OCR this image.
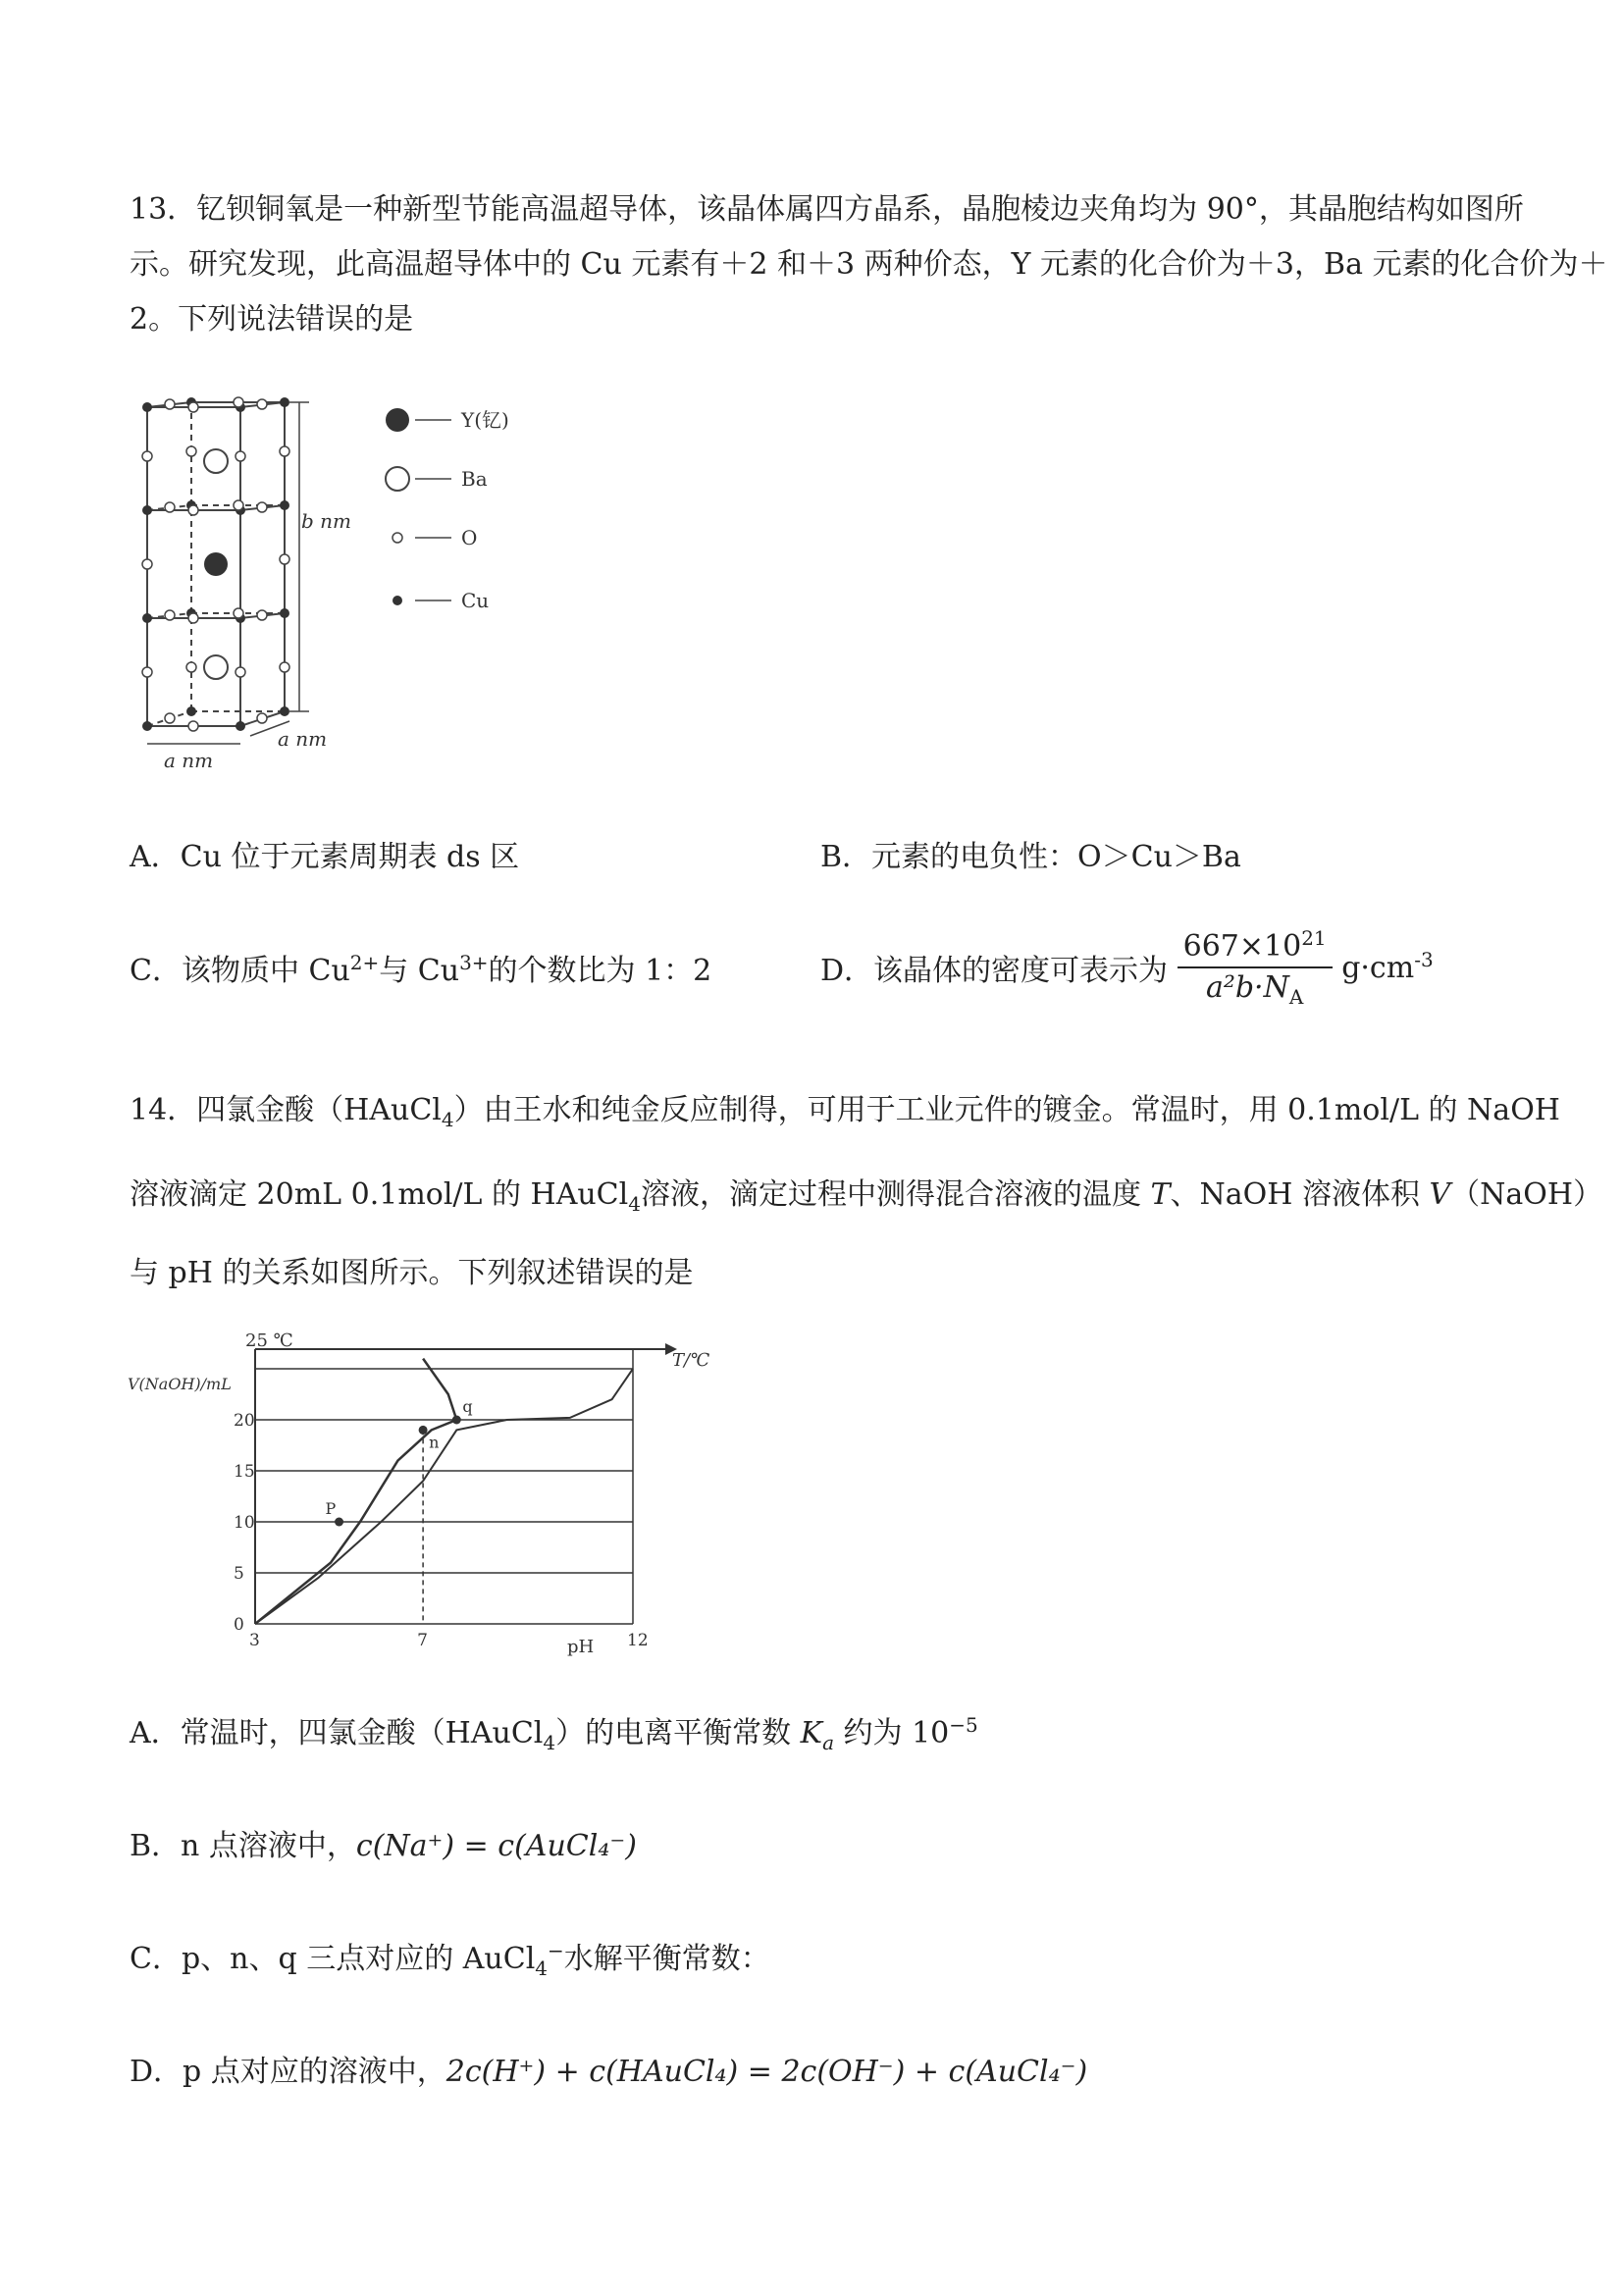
13．钇钡铜氧是一种新型节能高温超导体，该晶体属四方晶系，晶胞棱边夹角均为 90°，其晶胞结构如图所
示。研究发现，此高温超导体中的 Cu 元素有＋2 和＋3 两种价态，Y 元素的化合价为＋3，Ba 元素的化合价为＋
2。下列说法错误的是
b nm
a nm
a nm
Y(钇)
Ba
O
Cu
A．Cu 位于元素周期表 ds 区	B．元素的电负性：O＞Cu＞Ba
C．该物质中 $Cu^{2+}$与 $Cu^{3+}$的个数比为 1：2	D．该晶体的密度可表示为 $\frac{667\times 10^{21}}{a^2b\cdot N_A} g\cdot cm^{-3}$
14．四氯金酸（HAuCl$_4$）由王水和纯金反应制得，可用于工业元件的镀金。常温时，用 0.1mol/L 的 NaOH
溶液滴定 20mL 0.1mol/L 的 HAuCl$_4$溶液，滴定过程中测得混合溶液的温度 T、NaOH 溶液体积 V（NaOH）
与 pH 的关系如图所示。下列叙述错误的是
25 ℃
T/℃
V(NaOH)/mL
pH
0
5
10
15
20
3	7	12
P
n
q
A．常温时，四氯金酸（HAuCl$_4$）的电离平衡常数 $K_a$ 约为 $10^{-5}$
B．n 点溶液中，c(Na⁺) = c(AuCl₄⁻)
C．p、n、q 三点对应的 AuCl$_4$−水解平衡常数：
D．p 点对应的溶液中，2c(H⁺) + c(HAuCl₄) = 2c(OH⁻) + c(AuCl₄⁻)
